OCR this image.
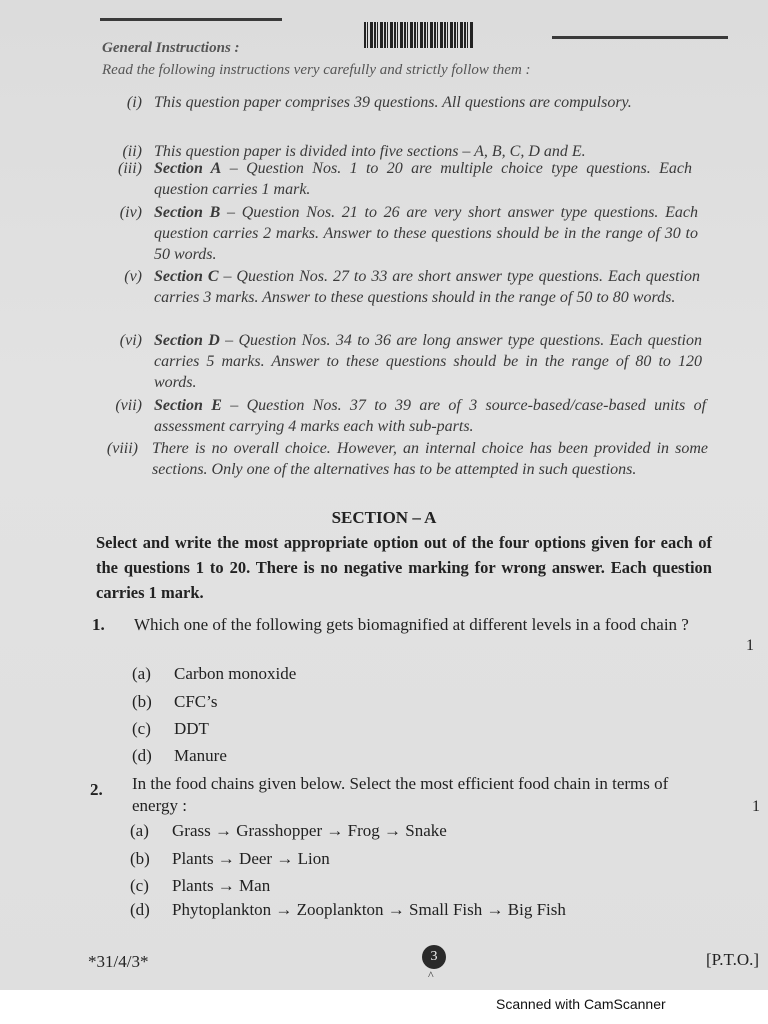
General Instructions :
Read the following instructions very carefully and strictly follow them :
(i) This question paper comprises 39 questions. All questions are compulsory.
(ii) This question paper is divided into five sections – A, B, C, D and E.
(iii) Section A – Question Nos. 1 to 20 are multiple choice type questions. Each question carries 1 mark.
(iv) Section B – Question Nos. 21 to 26 are very short answer type questions. Each question carries 2 marks. Answer to these questions should be in the range of 30 to 50 words.
(v) Section C – Question Nos. 27 to 33 are short answer type questions. Each question carries 3 marks. Answer to these questions should in the range of 50 to 80 words.
(vi) Section D – Question Nos. 34 to 36 are long answer type questions. Each question carries 5 marks. Answer to these questions should be in the range of 80 to 120 words.
(vii) Section E – Question Nos. 37 to 39 are of 3 source-based/case-based units of assessment carrying 4 marks each with sub-parts.
(viii) There is no overall choice. However, an internal choice has been provided in some sections. Only one of the alternatives has to be attempted in such questions.
SECTION – A
Select and write the most appropriate option out of the four options given for each of the questions 1 to 20. There is no negative marking for wrong answer. Each question carries 1 mark.
1. Which one of the following gets biomagnified at different levels in a food chain ?
1
(a) Carbon monoxide
(b) CFC’s
(c) DDT
(d) Manure
2. In the food chains given below. Select the most efficient food chain in terms of energy :	1
(a) Grass → Grasshopper → Frog → Snake
(b) Plants → Deer → Lion
(c) Plants → Man
(d) Phytoplankton → Zooplankton → Small Fish → Big Fish
*31/4/3*	3
^
[P.T.O.]
Scanned with CamScanner
